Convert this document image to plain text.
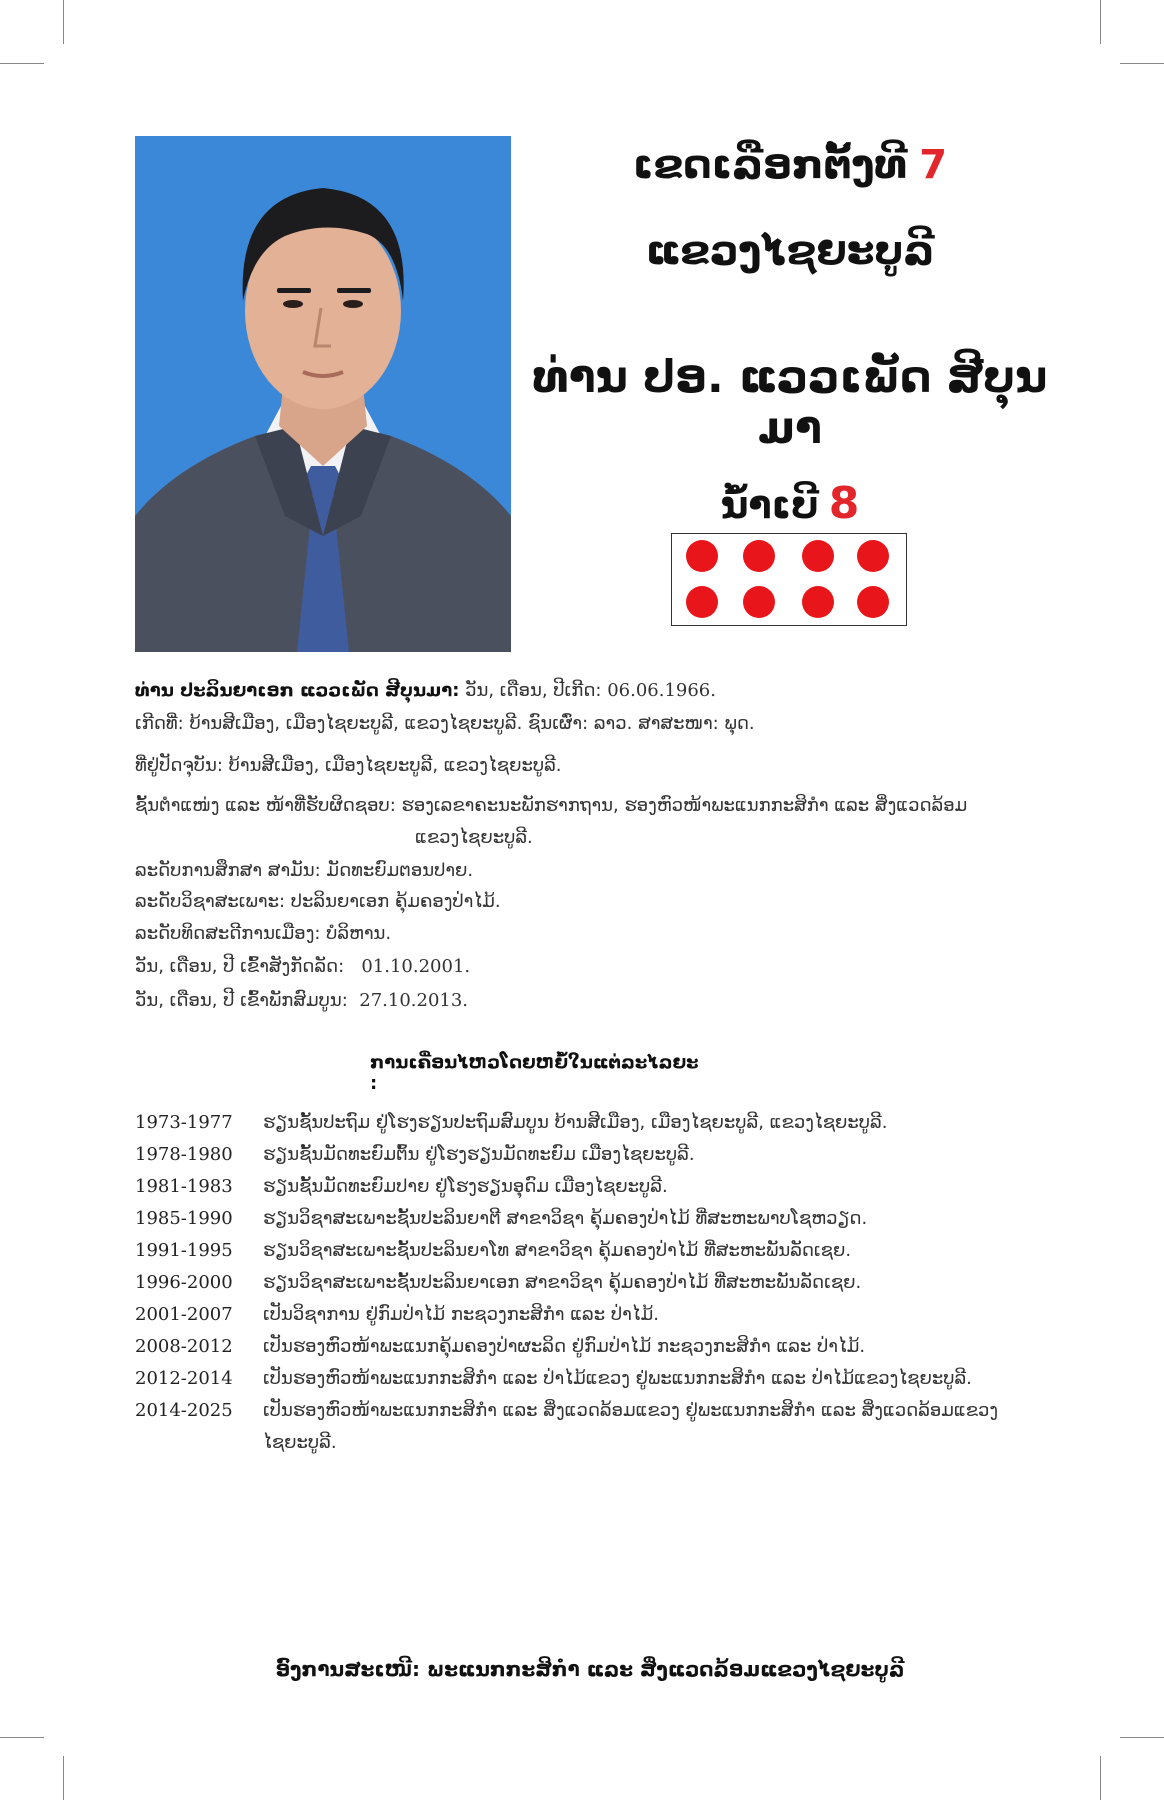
ເຂດເລືອກຕັ້ງທີ 7
ແຂວງໄຊຍະບູລີ
ທ່ານ ປອ. ແວວເພັດ ສີບຸນມາ
ນ້ຳເບີ 8
ທ່ານ ປະລິນຍາເອກ ແວວເພັດ ສີບຸນມາ: ວັນ, ເດືອນ, ປີເກີດ: 06.06.1966.
ເກີດທີ່: ບ້ານສີເມືອງ, ເມືອງໄຊຍະບູລີ, ແຂວງໄຊຍະບູລີ. ຊົນເຜົ່າ: ລາວ. ສາສະໜາ: ພຸດ.
ທີ່ຢູ່ປັດຈຸບັນ: ບ້ານສີເມືອງ, ເມືອງໄຊຍະບູລີ, ແຂວງໄຊຍະບູລີ.
ຊັ້ນຕຳແໜ່ງ ແລະ ໜ້າທີ່ຮັບຜິດຊອບ: ຮອງເລຂາຄະນະພັກຮາກຖານ, ຮອງຫົວໜ້າພະແນກກະສິກຳ ແລະ ສິ່ງແວດລ້ອມ
ແຂວງໄຊຍະບູລີ.
ລະດັບການສຶກສາ ສາມັນ: ມັດທະຍົມຕອນປາຍ.
ລະດັບວິຊາສະເພາະ: ປະລິນຍາເອກ ຄຸ້ມຄອງປ່າໄມ້.
ລະດັບທິດສະດີການເມືອງ: ບໍລິຫານ.
ວັນ, ເດືອນ, ປີ ເຂົ້າສັງກັດລັດ: 01.10.2001.
ວັນ, ເດືອນ, ປີ ເຂົ້າພັກສົມບູນ: 27.10.2013.
ການເຄື່ອນໄຫວໂດຍຫຍໍ້ໃນແຕ່ລະໄລຍະ :
1973-1977	ຮຽນຊັ້ນປະຖົມ ຢູ່ໂຮງຮຽນປະຖົມສົມບູນ ບ້ານສີເມືອງ, ເມືອງໄຊຍະບູລີ, ແຂວງໄຊຍະບູລີ.
1978-1980	ຮຽນຊັ້ນມັດທະຍົມຕົ້ນ ຢູ່ໂຮງຮຽນມັດທະຍົມ ເມືອງໄຊຍະບູລີ.
1981-1983	ຮຽນຊັ້ນມັດທະຍົມປາຍ ຢູ່ໂຮງຮຽນອຸດົມ ເມືອງໄຊຍະບູລີ.
1985-1990	ຮຽນວິຊາສະເພາະຊັ້ນປະລິນຍາຕີ ສາຂາວິຊາ ຄຸ້ມຄອງປ່າໄມ້ ທີ່ສະຫະພາບໂຊຫວຽດ.
1991-1995	ຮຽນວິຊາສະເພາະຊັ້ນປະລິນຍາໂທ ສາຂາວິຊາ ຄຸ້ມຄອງປ່າໄມ້ ທີ່ສະຫະພັນລັດເຊຍ.
1996-2000	ຮຽນວິຊາສະເພາະຊັ້ນປະລິນຍາເອກ ສາຂາວິຊາ ຄຸ້ມຄອງປ່າໄມ້ ທີ່ສະຫະພັນລັດເຊຍ.
2001-2007	ເປັນວິຊາການ ຢູ່ກົມປ່າໄມ້ ກະຊວງກະສິກຳ ແລະ ປ່າໄມ້.
2008-2012	ເປັນຮອງຫົວໜ້າພະແນກຄຸ້ມຄອງປ່າຜະລິດ ຢູ່ກົມປ່າໄມ້ ກະຊວງກະສິກຳ ແລະ ປ່າໄມ້.
2012-2014	ເປັນຮອງຫົວໜ້າພະແນກກະສິກຳ ແລະ ປ່າໄມ້ແຂວງ ຢູ່ພະແນກກະສິກຳ ແລະ ປ່າໄມ້ແຂວງໄຊຍະບູລີ.
2014-2025	ເປັນຮອງຫົວໜ້າພະແນກກະສິກຳ ແລະ ສິ່ງແວດລ້ອມແຂວງ ຢູ່ພະແນກກະສິກຳ ແລະ ສິ່ງແວດລ້ອມແຂວງ
ໄຊຍະບູລີ.
ອົງການສະເໜີ: ພະແນກກະສິກຳ ແລະ ສິ່ງແວດລ້ອມແຂວງໄຊຍະບູລີ
